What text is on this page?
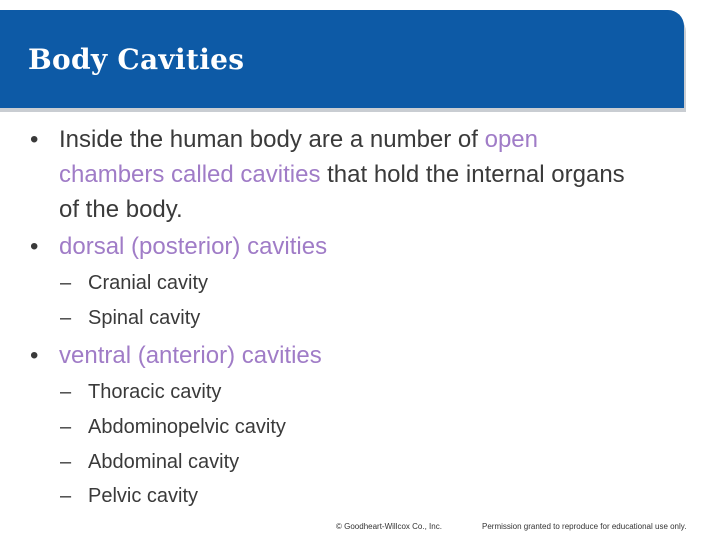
Body Cavities
• Inside the human body are a number of open chambers called cavities that hold the internal organs of the body.
• dorsal (posterior) cavities
– Cranial cavity
– Spinal cavity
• ventral (anterior) cavities
– Thoracic cavity
– Abdominopelvic cavity
– Abdominal cavity
– Pelvic cavity
© Goodheart-Willcox Co., Inc.	Permission granted to reproduce for educational use only.
